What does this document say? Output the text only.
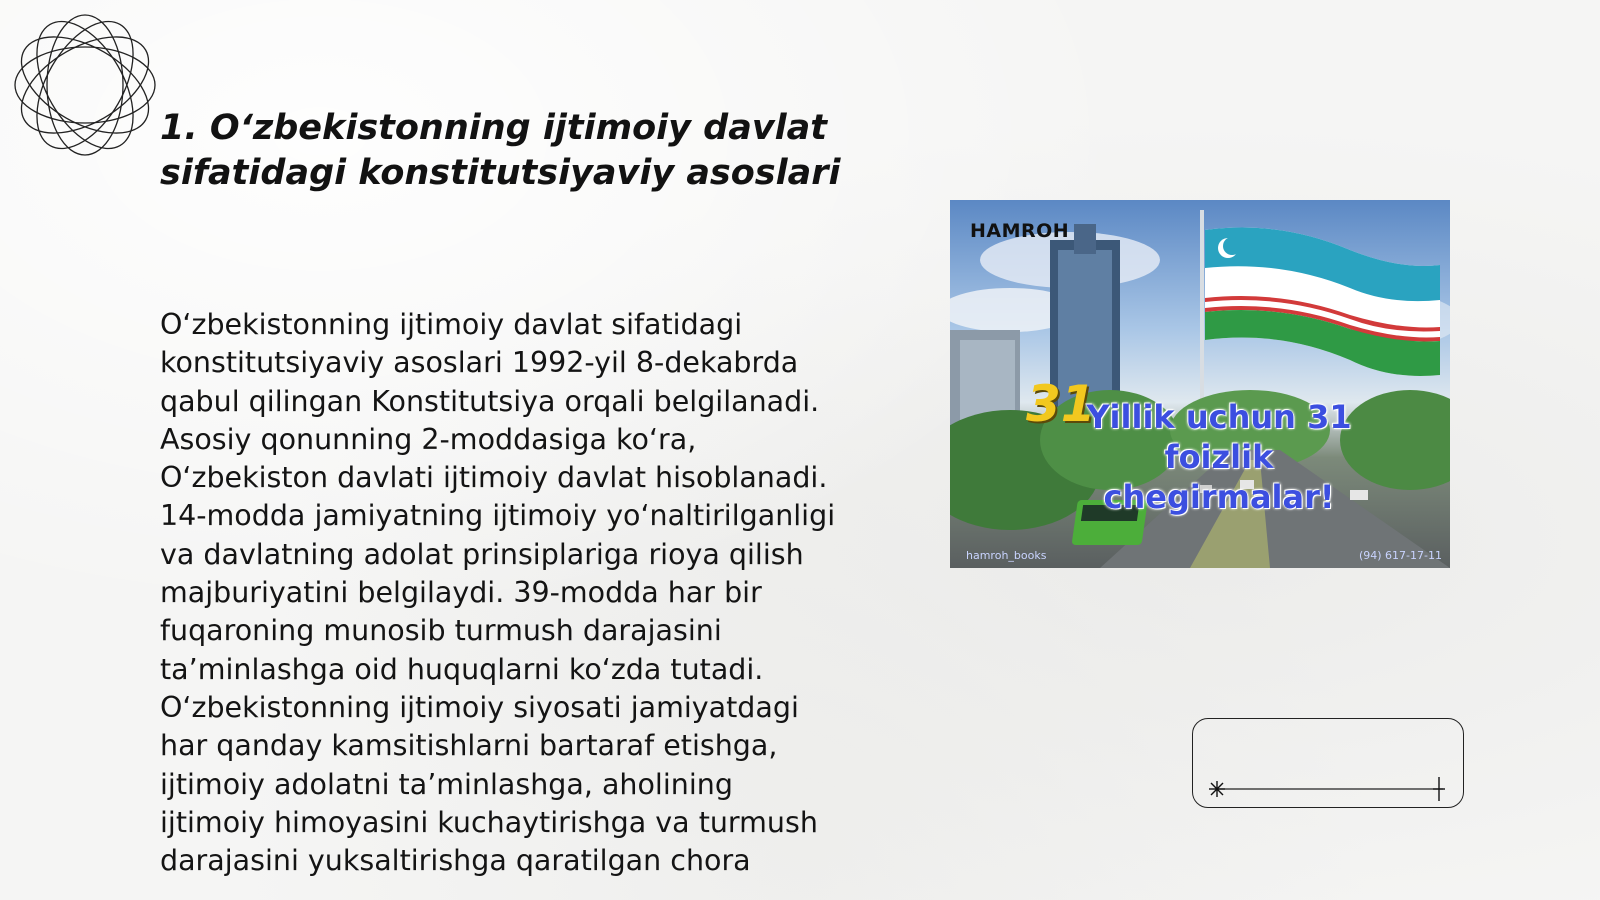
1. O‘zbekistonning ijtimoiy davlat sifatidagi konstitutsiyaviy asoslari

O‘zbekistonning ijtimoiy davlat sifatidagi konstitutsiyaviy asoslari 1992-yil 8-dekabrda qabul qilingan Konstitutsiya orqali belgilanadi. Asosiy qonunning 2-moddasiga ko‘ra, O‘zbekiston davlati ijtimoiy davlat hisoblanadi. 14-modda jamiyatning ijtimoiy yo‘naltirilganligi va davlatning adolat prinsiplariga rioya qilish majburiyatini belgilaydi. 39-modda har bir fuqaroning munosib turmush darajasini ta’minlashga oid huquqlarni ko‘zda tutadi. O‘zbekistonning ijtimoiy siyosati jamiyatdagi har qanday kamsitishlarni bartaraf etishga, ijtimoiy adolatni ta’minlashga, aholining ijtimoiy himoyasini kuchaytirishga va turmush darajasini yuksaltirishga qaratilgan chora

HAMROH
31
Yillik uchun 31 foizlik chegirmalar!
hamroh_books	(94) 617-17-11
